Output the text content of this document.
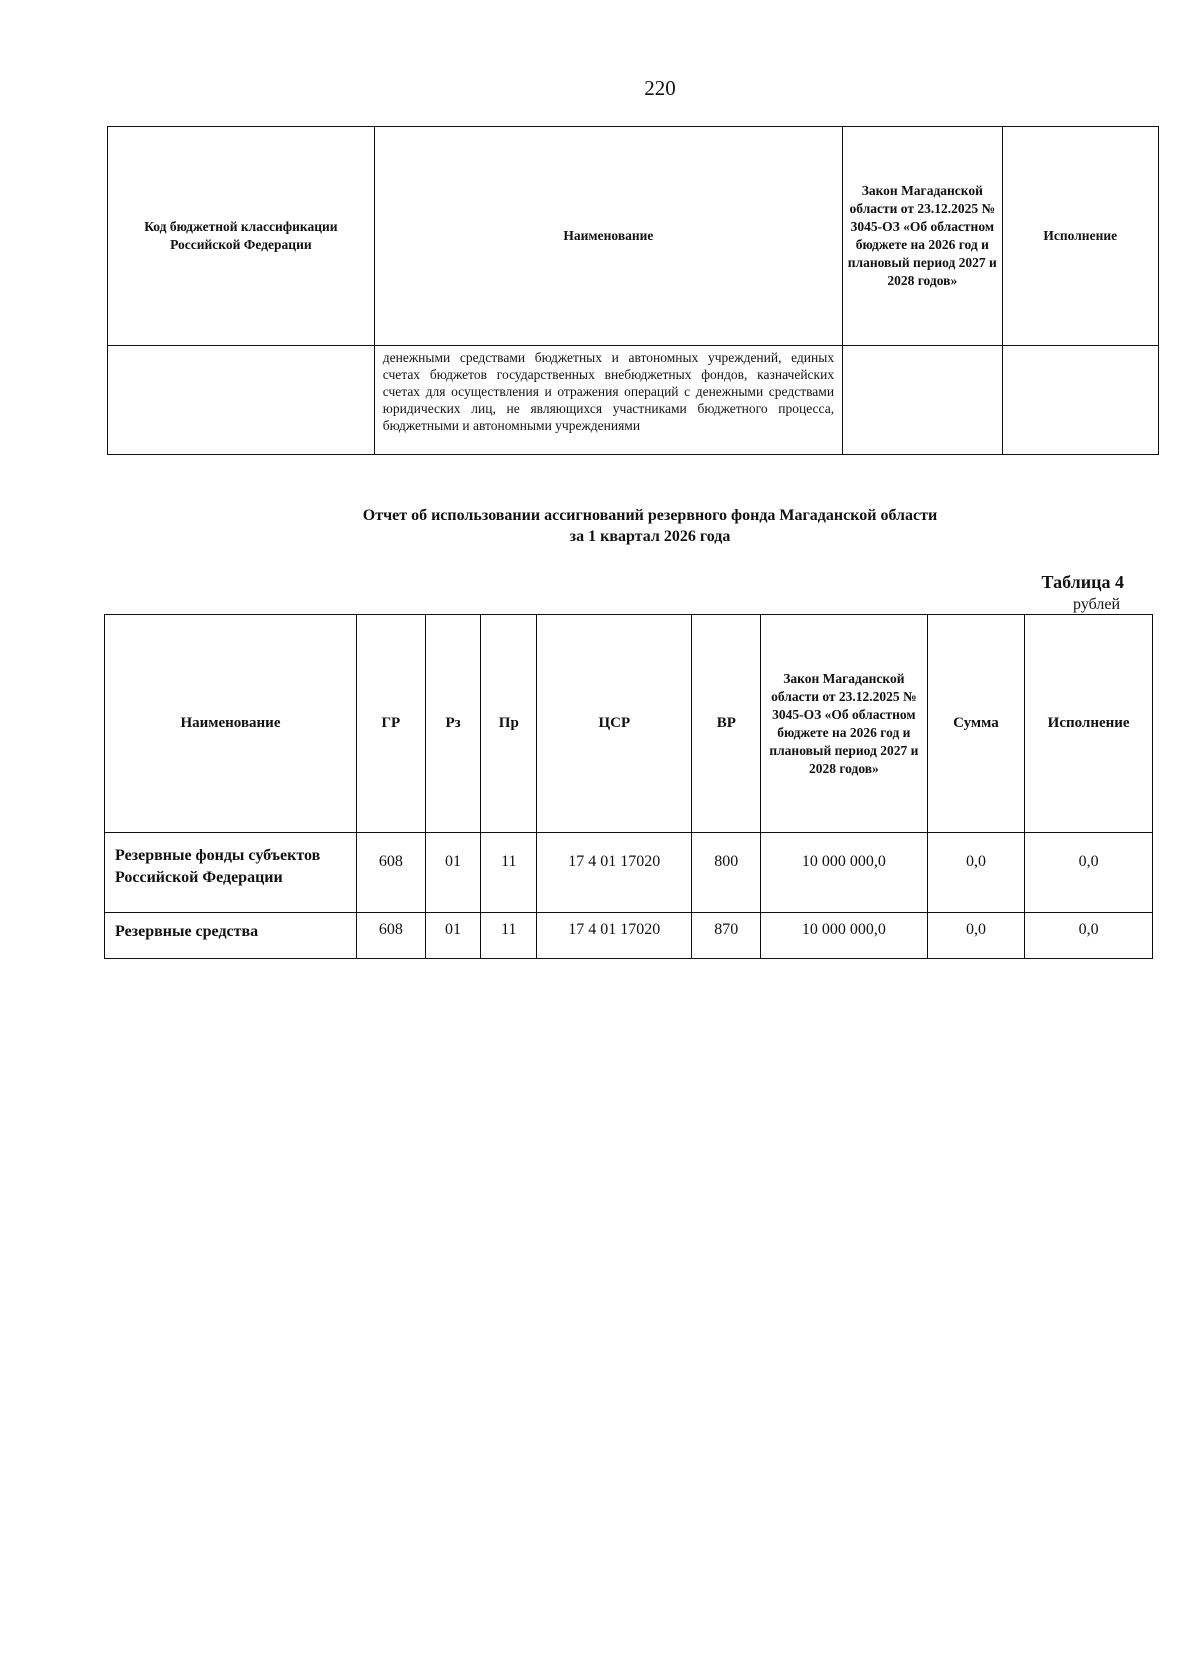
220
Код бюджетной классификации Российской Федерации	Наименование	Закон Магаданской области от 23.12.2025 № 3045-ОЗ «Об областном бюджете на 2026 год и плановый период 2027 и 2028 годов»	Исполнение
	денежными средствами бюджетных и автономных учреждений, единых счетах бюджетов государственных внебюджетных фондов, казначейских счетах для осуществления и отражения операций с денежными средствами юридических лиц, не являющихся участниками бюджетного процесса, бюджетными и автономными учреждениями		
Отчет об использовании ассигнований резервного фонда Магаданской области
за 1 квартал 2026 года
Таблица 4
рублей
Наименование	ГР	Рз	Пр	ЦСР	ВР	Закон Магаданской области от 23.12.2025 № 3045-ОЗ «Об областном бюджете на 2026 год и плановый период 2027 и 2028 годов»	Сумма	Исполнение
Резервные фонды субъектов Российской Федерации	608	01	11	17 4 01 17020	800	10 000 000,0	0,0	0,0
Резервные средства	608	01	11	17 4 01 17020	870	10 000 000,0	0,0	0,0
